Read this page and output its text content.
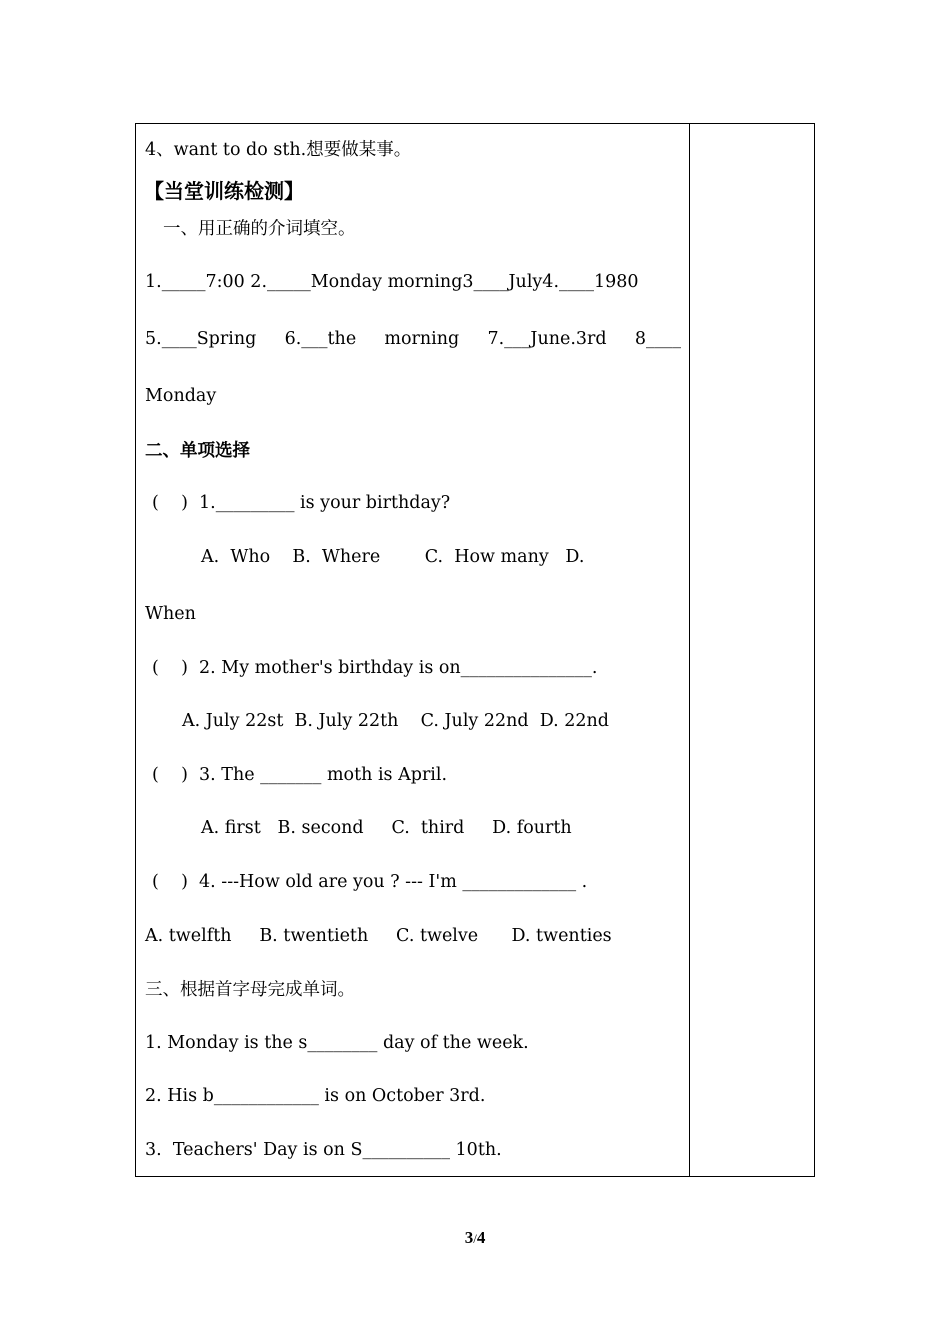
4、want to do sth.想要做某事。
【当堂训练检测】
一、用正确的介词填空。
1._____7:00 2._____Monday morning3____July4.____1980
5.____Spring 6.___the morning 7.___June.3rd 8____
Monday
二、单项选择
(    )  1._________ is your birthday?
A.  Who    B.  Where        C.  How many   D.
When
(    )  2. My mother's birthday is on_______________.
A. July 22st  B. July 22th    C. July 22nd  D. 22nd
(    )  3. The _______ moth is April.
A. first   B. second     C.  third     D. fourth
(    )  4. ---How old are you ? --- I'm _____________ .
A. twelfth     B. twentieth     C. twelve      D. twenties
三、根据首字母完成单词。
1. Monday is the s________ day of the week.
2. His b____________ is on October 3rd.
3.  Teachers' Day is on S__________ 10th.
3/4
